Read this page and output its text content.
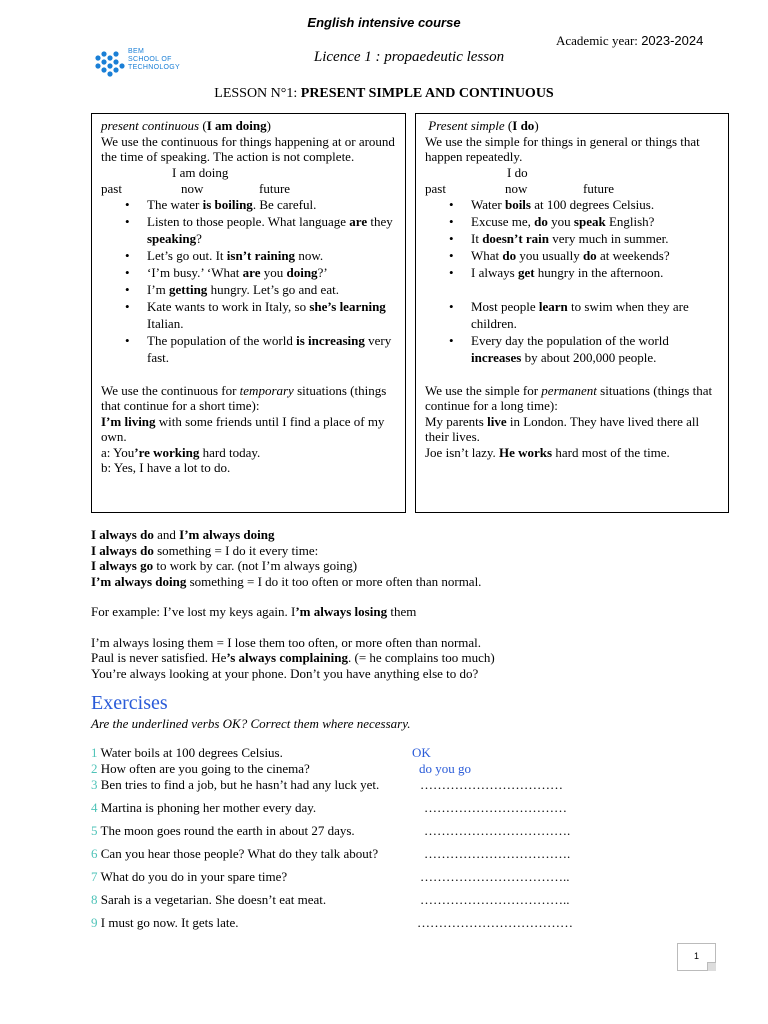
English intensive course
Academic year: 2023-2024
Licence 1 : propaedeutic lesson
BEM
SCHOOL OF
TECHNOLOGY
LESSON N°1: PRESENT SIMPLE AND CONTINUOUS

present continuous (I am doing)

We use the continuous for things happening at or around the time of speaking. The action is not complete.

I am doing
past	now	future
• The water is boiling. Be careful.
• Listen to those people. What language are they speaking?
• Let’s go out. It isn’t raining now.
• ‘I’m busy.’ ‘What are you doing?’
• I’m getting hungry. Let’s go and eat.
• Kate wants to work in Italy, so she’s learning Italian.
• The population of the world is increasing very fast.

We use the continuous for temporary situations (things that continue for a short time):

I’m living with some friends until I find a place of my own.

a: You’re working hard today.

b: Yes, I have a lot to do.

Present simple (I do)

We use the simple for things in general or things that happen repeatedly.

I do
past	now	future
• Water boils at 100 degrees Celsius.
• Excuse me, do you speak English?
• It doesn’t rain very much in summer.
• What do you usually do at weekends?
• I always get hungry in the afternoon.
• Most people learn to swim when they are children.
• Every day the population of the world increases by about 200,000 people.

We use the simple for permanent situations (things that continue for a long time):

My parents live in London. They have lived there all their lives.

Joe isn’t lazy. He works hard most of the time.

I always do and I’m always doing

I always do something = I do it every time:

I always go to work by car. (not I’m always going)

I’m always doing something = I do it too often or more often than normal.

For example: I’ve lost my keys again. I’m always losing them

I’m always losing them = I lose them too often, or more often than normal.

Paul is never satisfied. He’s always complaining. (= he complains too much)

You’re always looking at your phone. Don’t you have anything else to do?

Exercises
Are the underlined verbs OK? Correct them where necessary.
1 Water boils at 100 degrees Celsius.	OK
2 How often are you going to the cinema?	do you go
3 Ben tries to find a job, but he hasn’t had any luck yet.	……………………………
4 Martina is phoning her mother every day.	……………………………
5 The moon goes round the earth in about 27 days.	…………………………….
6 Can you hear those people? What do they talk about?	…………………………….
7 What do you do in your spare time?	……………………………..
8 Sarah is a vegetarian. She doesn’t eat meat.	……………………………..
9 I must go now. It gets late.	………………………………
1
